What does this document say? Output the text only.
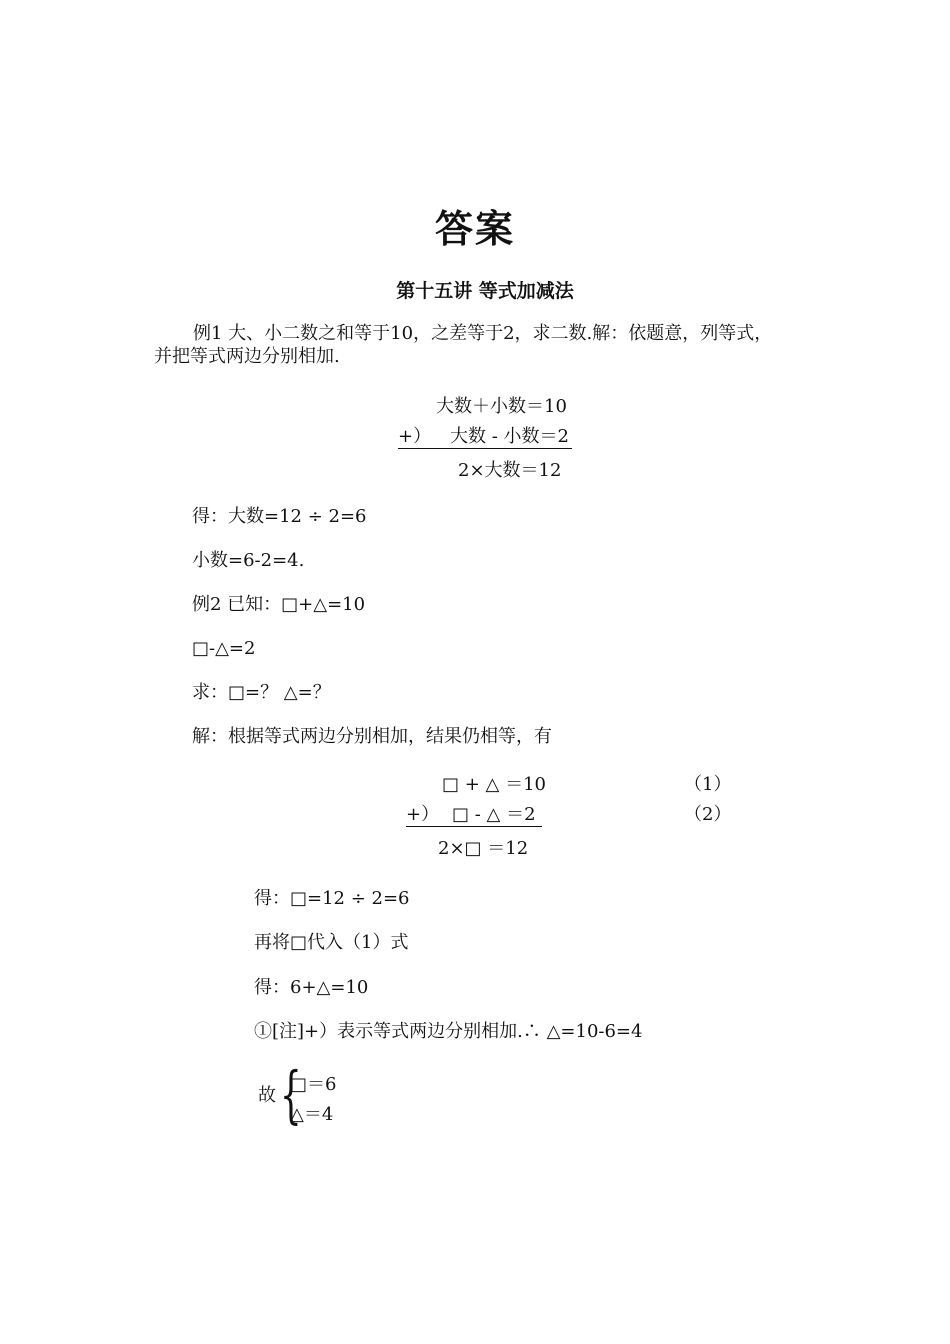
答案
第十五讲 等式加减法
例1 大、小二数之和等于10，之差等于2，求二数.解：依题意，列等式，
并把等式两边分别相加.
大数＋小数＝10
+） 大数 - 小数＝2
2×大数＝12
得：大数=12 ÷ 2=6
小数=6-2=4.
例2 已知：□+△=10
□-△=2
求：□=？ △=？
解：根据等式两边分别相加，结果仍相等，有
□ + △ ＝10	（1）
+） □ - △ ＝2	（2）
2×□ ＝12
得：□=12 ÷ 2=6
再将□代入（1）式
得：6+△=10
①[注]+）表示等式两边分别相加.∴ △=10-6=4
故 {
□＝6
△＝4
